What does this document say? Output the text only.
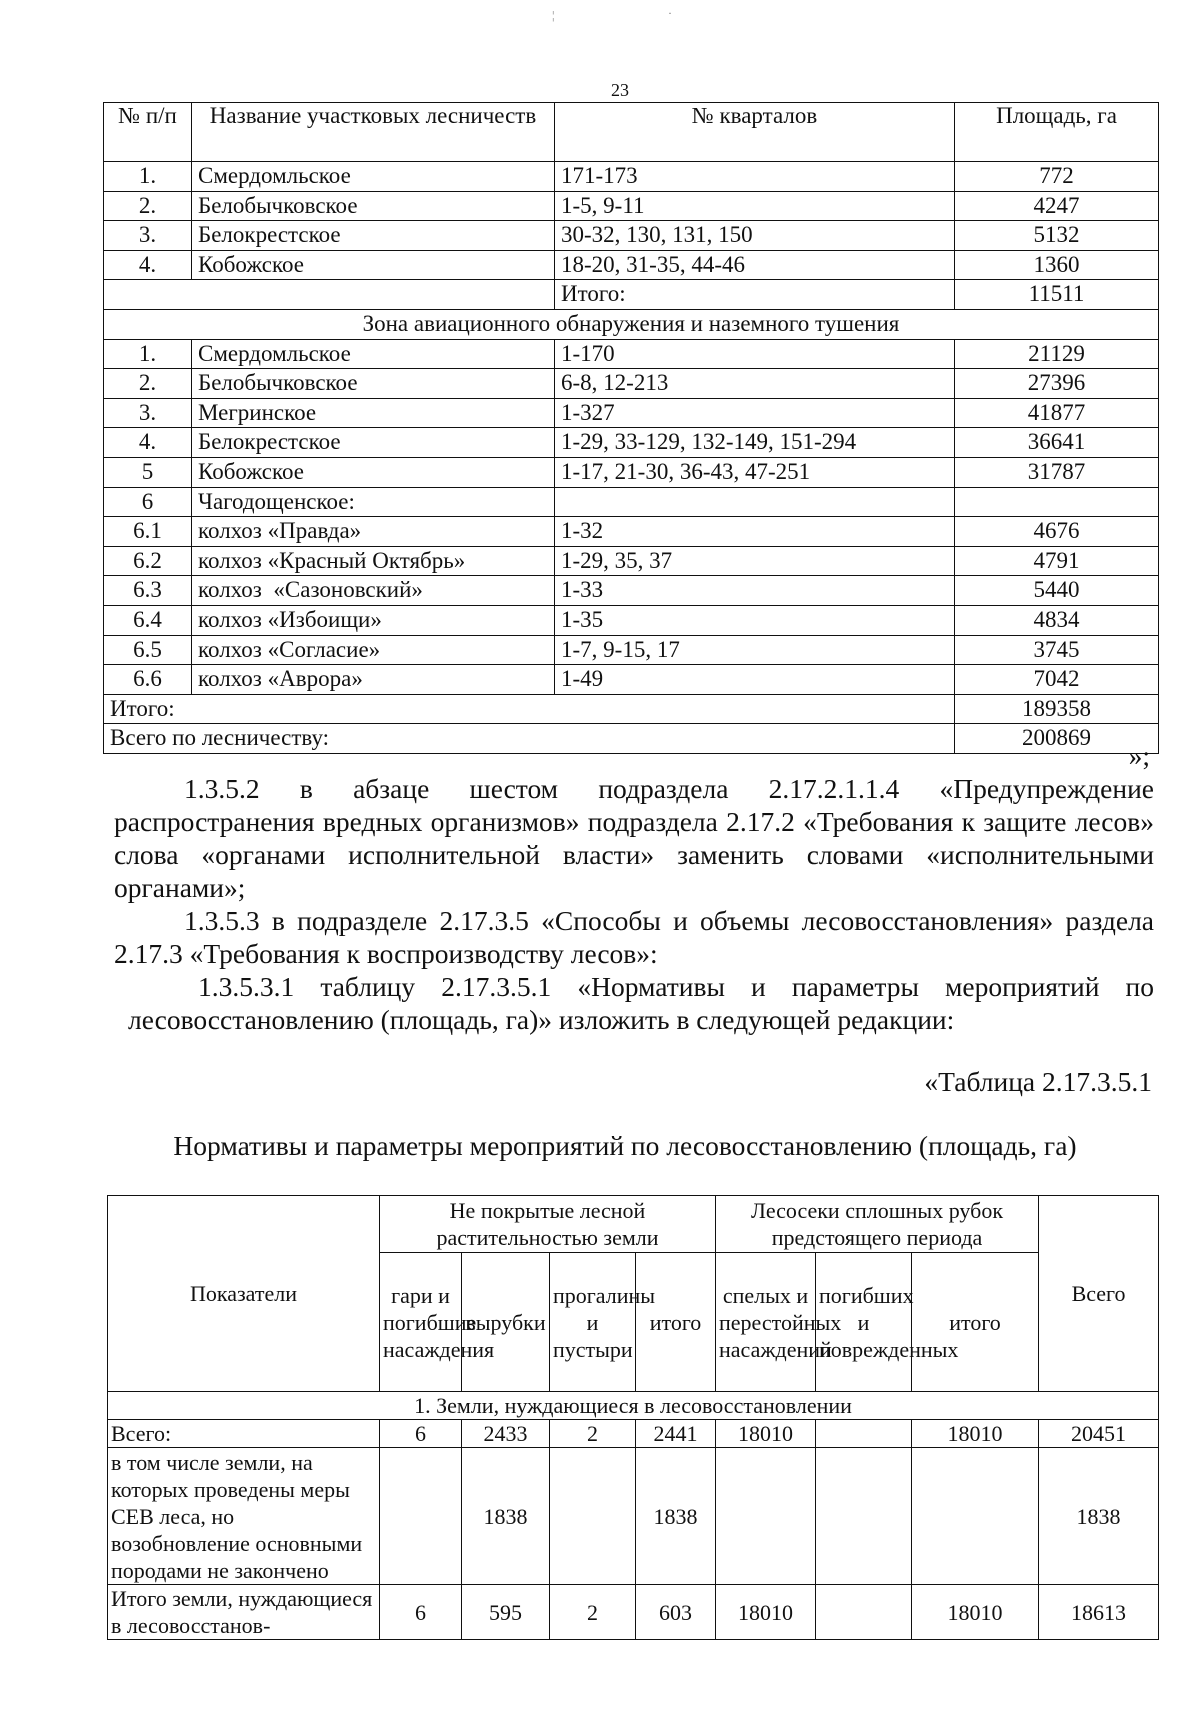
¦	·
23
№ п/п	Название участковых лесничеств	№ кварталов	Площадь, га
1.	Смердомльское	171-173	772
2.	Белобычковское	1-5, 9-11	4247
3.	Белокрестское	30-32, 130, 131, 150	5132
4.	Кобожское	18-20, 31-35, 44-46	1360
		Итого:	11511
Зона авиационного обнаружения и наземного тушения			
1.	Смердомльское	1-170	21129
2.	Белобычковское	6-8, 12-213	27396
3.	Мегринское	1-327	41877
4.	Белокрестское	1-29, 33-129, 132-149, 151-294	36641
5	Кобожское	1-17, 21-30, 36-43, 47-251	31787
6	Чагодощенское:		
6.1	колхоз «Правда»	1-32	4676
6.2	колхоз «Красный Октябрь»	1-29, 35, 37	4791
6.3	колхоз  «Сазоновский»	1-33	5440
6.4	колхоз «Избоищи»	1-35	4834
6.5	колхоз «Согласие»	1-7, 9-15, 17	3745
6.6	колхоз «Аврора»	1-49	7042
Итого:			189358
Всего по лесничеству:			200869
»;
1.3.5.2 в абзаце шестом подраздела 2.17.2.1.1.4 «Предупреждение распространения вредных организмов» подраздела 2.17.2 «Требования к защите лесов» слова «органами исполнительной власти» заменить словами «исполнительными органами»;
1.3.5.3 в подразделе 2.17.3.5 «Способы и объемы лесовосстановления» раздела 2.17.3 «Требования к воспроизводству лесов»:
1.3.5.3.1 таблицу 2.17.3.5.1 «Нормативы и параметры мероприятий по лесовосстановлению (площадь, га)» изложить в следующей редакции:
«Таблица 2.17.3.5.1
Нормативы и параметры мероприятий по лесовосстановлению (площадь, га)
Показатели	Не покрытые лесной растительностью земли				Лесосеки сплошных рубок предстоящего периода			Всего
	гари и погибшие насаждения	вырубки	прогалины и пустыри	итого	спелых и перестойных насаждений	погибших и поврежденных	итого	
1. Земли, нуждающиеся в лесовосстановлении								
Всего:	6	2433	2	2441	18010		18010	20451
в том числе земли, на которых проведены меры СЕВ леса, но возобновление основными породами не закончено		1838		1838				1838
Итого земли, нуждающиеся в лесовосстанов-	6	595	2	603	18010		18010	18613
